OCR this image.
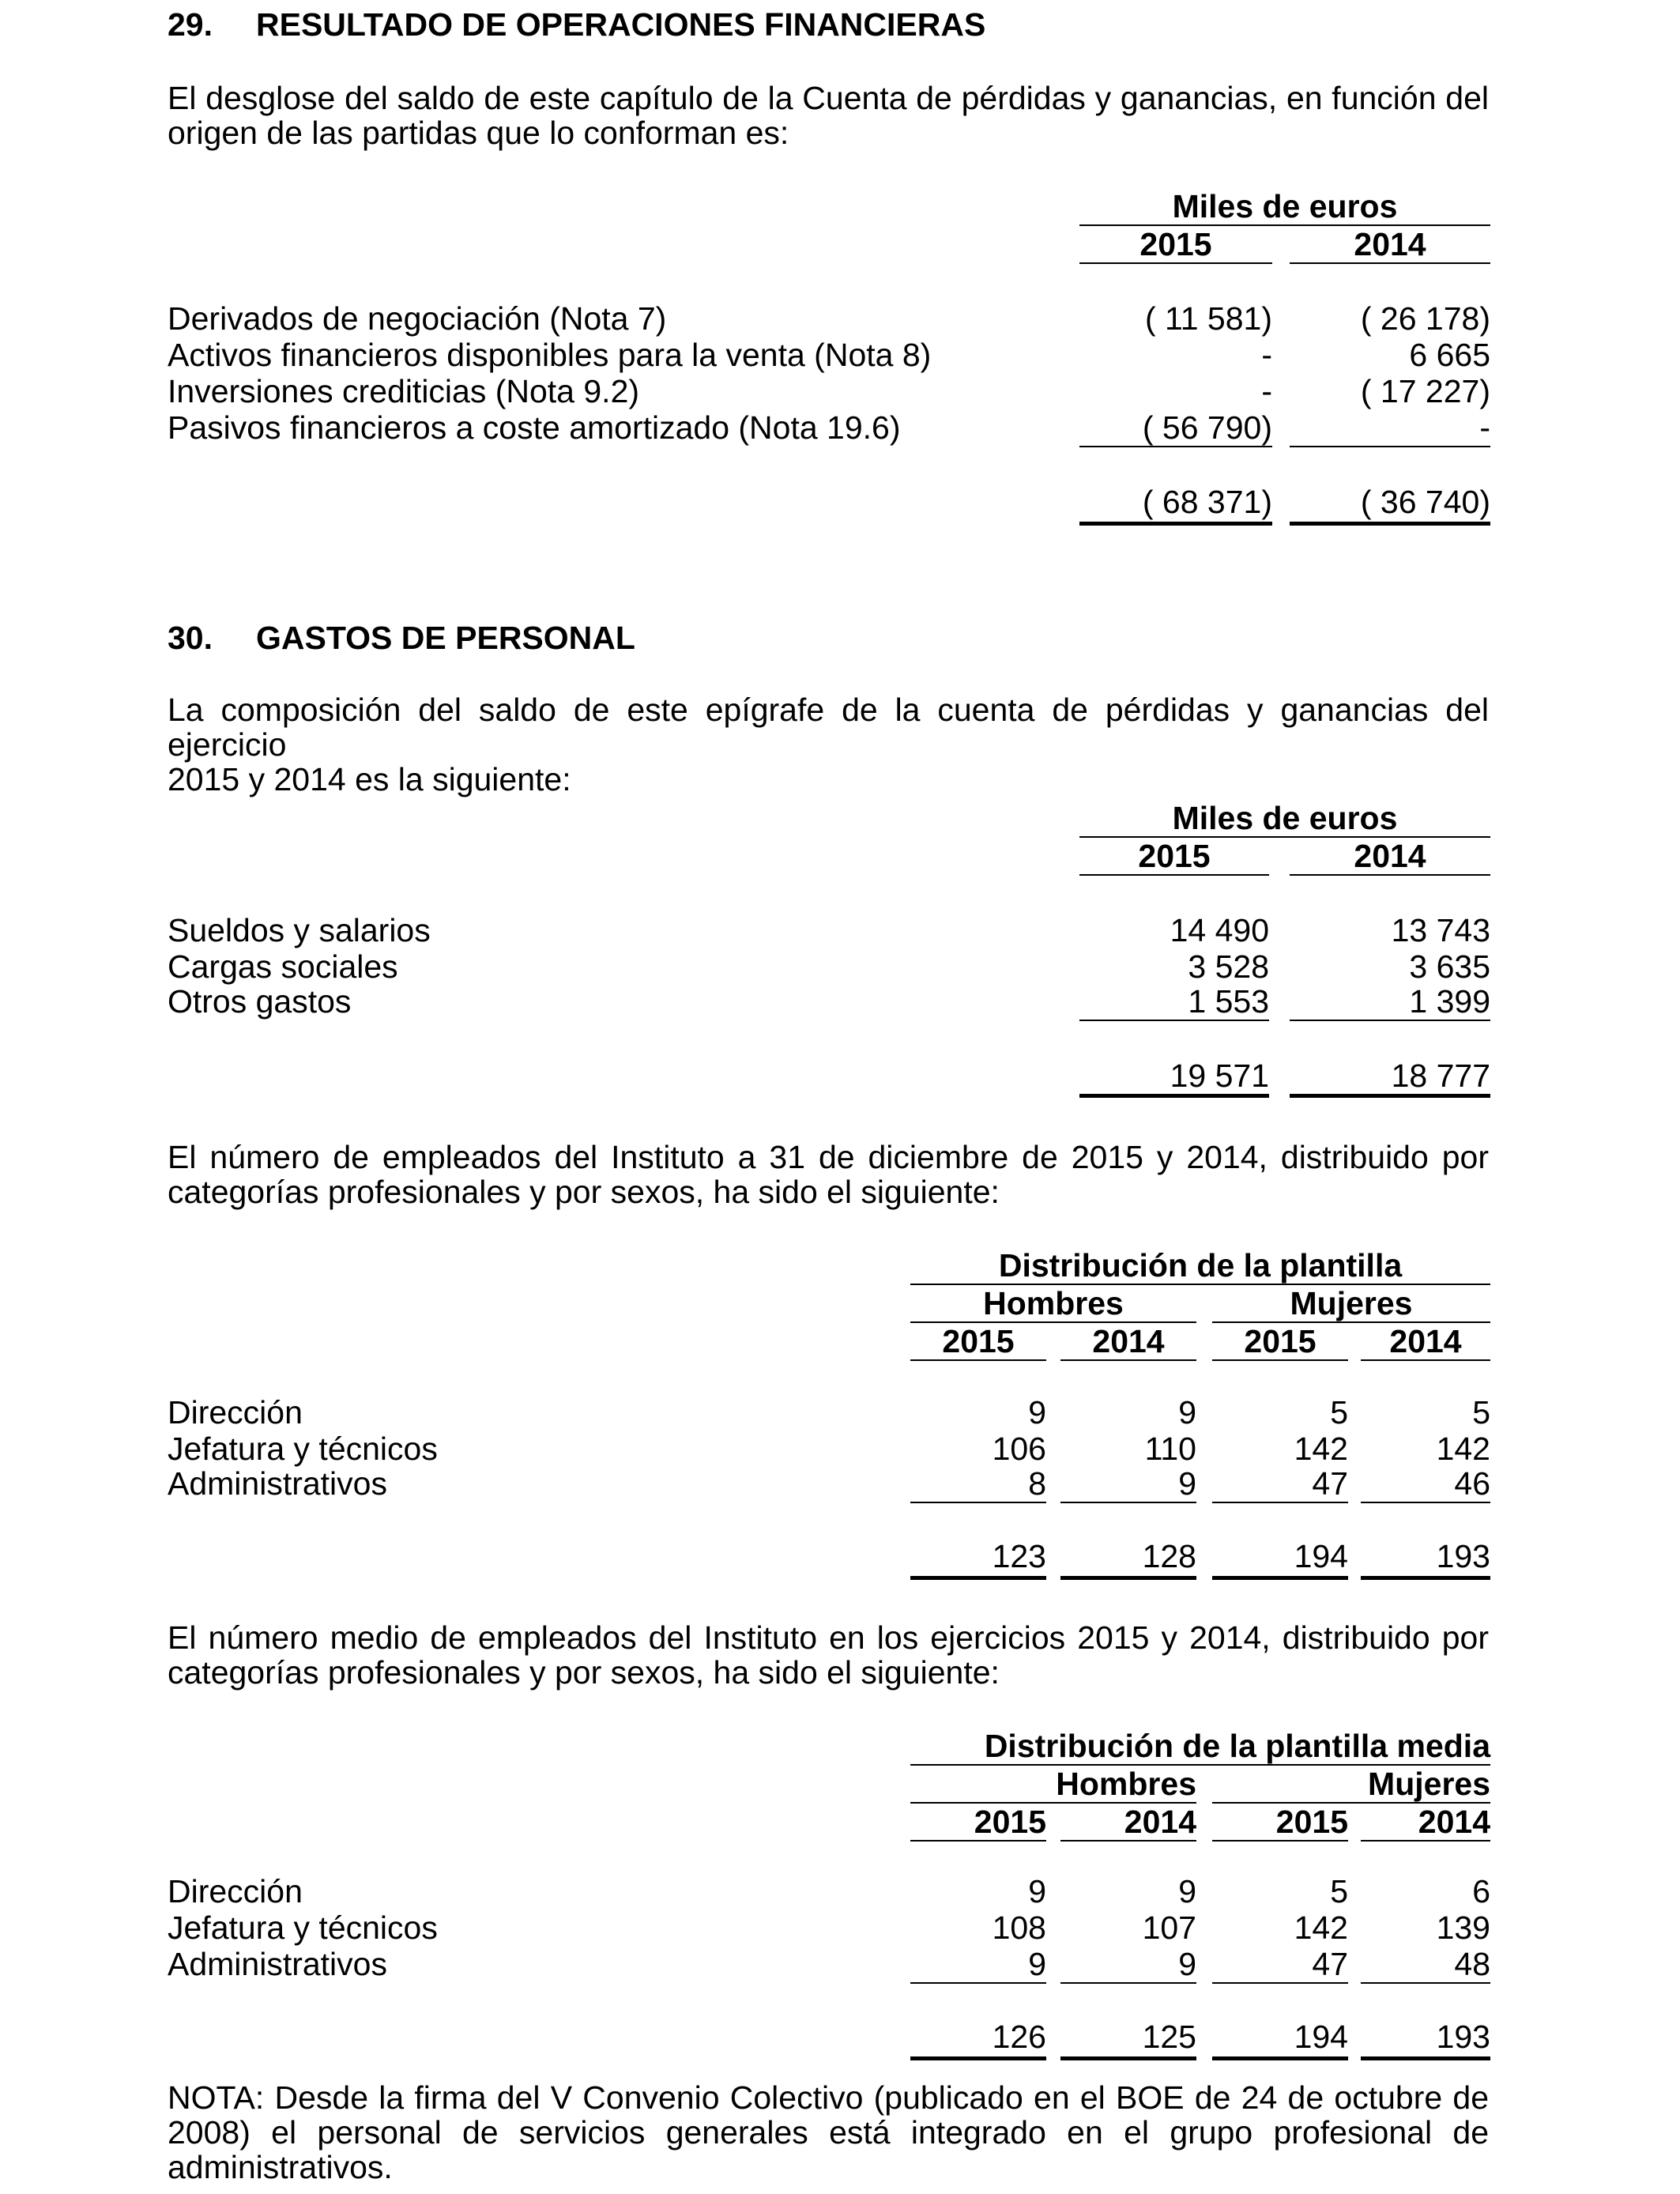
29. RESULTADO DE OPERACIONES FINANCIERAS
El desglose del saldo de este capítulo de la Cuenta de pérdidas y ganancias, en función del
origen de las partidas que lo conforman es:
Miles de euros
2015	2014
Derivados de negociación (Nota 7)	( 11 581)	( 26 178)
Activos financieros disponibles para la venta (Nota 8)	-	6 665
Inversiones crediticias (Nota 9.2)	-	( 17 227)
Pasivos financieros a coste amortizado (Nota 19.6)	( 56 790)	-
( 68 371)	( 36 740)
30. GASTOS DE PERSONAL
La composición del saldo de este epígrafe de la cuenta de pérdidas y ganancias del ejercicio
2015 y 2014 es la siguiente:
Miles de euros
2015	2014
Sueldos y salarios	14 490	13 743
Cargas sociales	3 528	3 635
Otros gastos	1 553	1 399
19 571	18 777
El número de empleados del Instituto a 31 de diciembre de 2015 y 2014, distribuido por
categorías profesionales y por sexos, ha sido el siguiente:
Distribución de la plantilla
Hombres	Mujeres
2015	2014	2015	2014
Dirección	9	9	5	5
Jefatura y técnicos	106	110	142	142
Administrativos	8	9	47	46
123	128	194	193
El número medio de empleados del Instituto en los ejercicios 2015 y 2014, distribuido por
categorías profesionales y por sexos, ha sido el siguiente:
Distribución de la plantilla media
Hombres	Mujeres
2015	2014	2015	2014
Dirección	9	9	5	6
Jefatura y técnicos	108	107	142	139
Administrativos	9	9	47	48
126	125	194	193
NOTA: Desde la firma del V Convenio Colectivo (publicado en el BOE de 24 de octubre de 2008) el personal de servicios generales está integrado en el grupo profesional de
administrativos.
